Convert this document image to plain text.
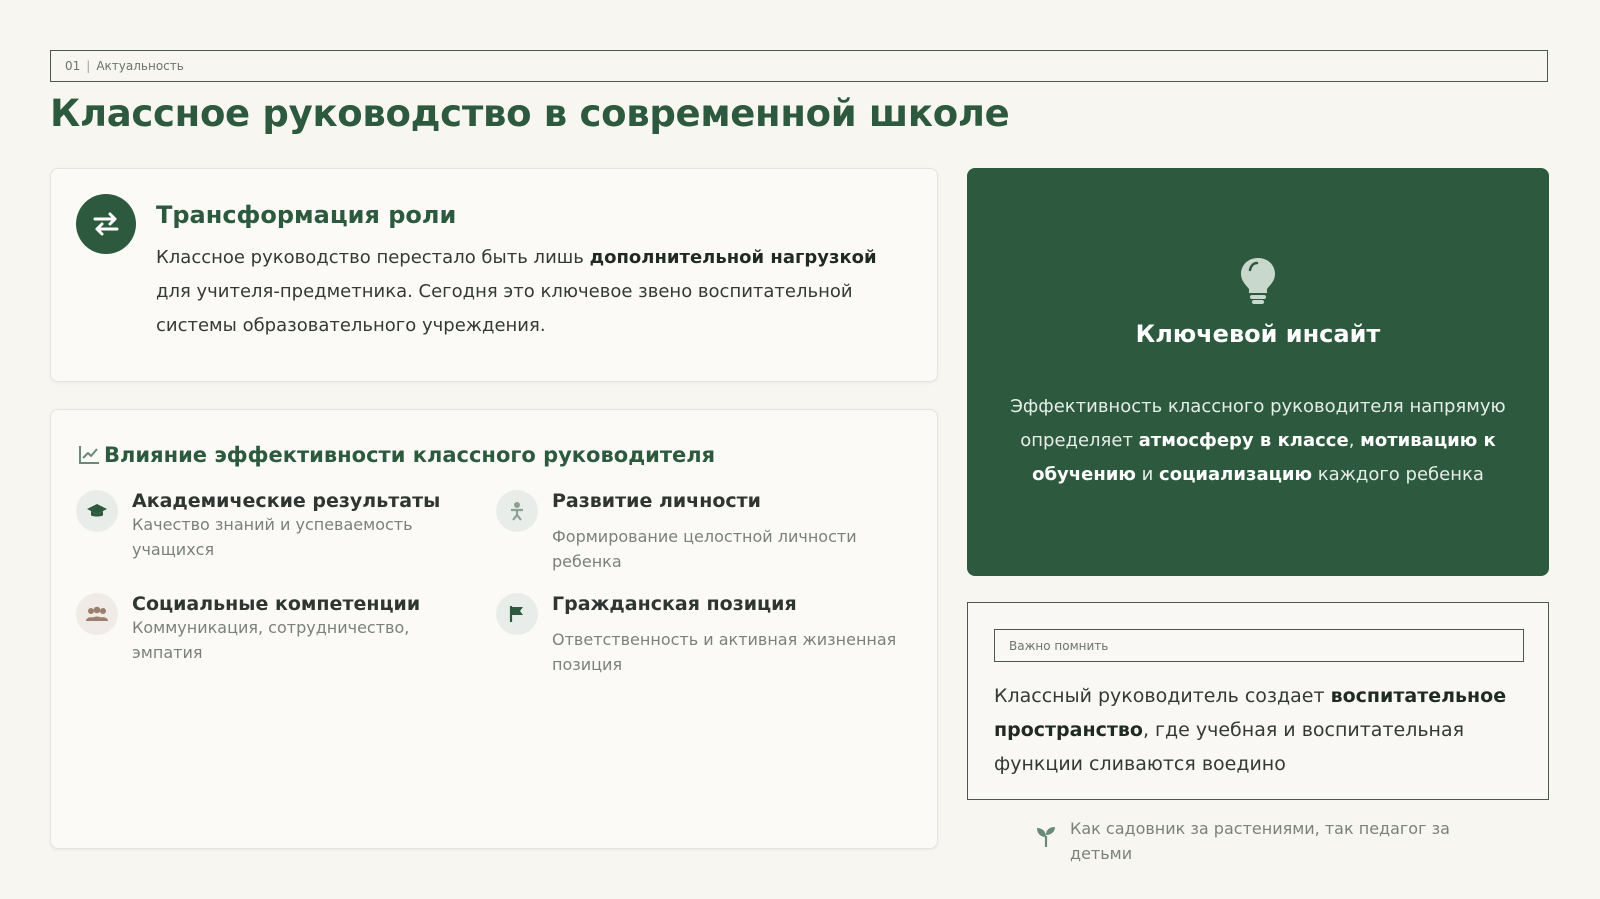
01 | Актуальность
Классное руководство в современной школе
Трансформация роли

Классное руководство перестало быть лишь дополнительной нагрузкой для учителя-предметника. Сегодня это ключевое звено воспитательной системы образовательного учреждения.

Влияние эффективности классного руководителя
Академические результаты

Качество знаний и успеваемость учащихся

Развитие личности

Формирование целостной личности ребенка

Социальные компетенции

Коммуникация, сотрудничество, эмпатия

Гражданская позиция

Ответственность и активная жизненная позиция

Ключевой инсайт

Эффективность классного руководителя напрямую определяет атмосферу в классе, мотивацию к обучению и социализацию каждого ребенка

Важно помнить

Классный руководитель создает воспитательное пространство, где учебная и воспитательная функции сливаются воедино

Как садовник за растениями, так педагог за детьми
